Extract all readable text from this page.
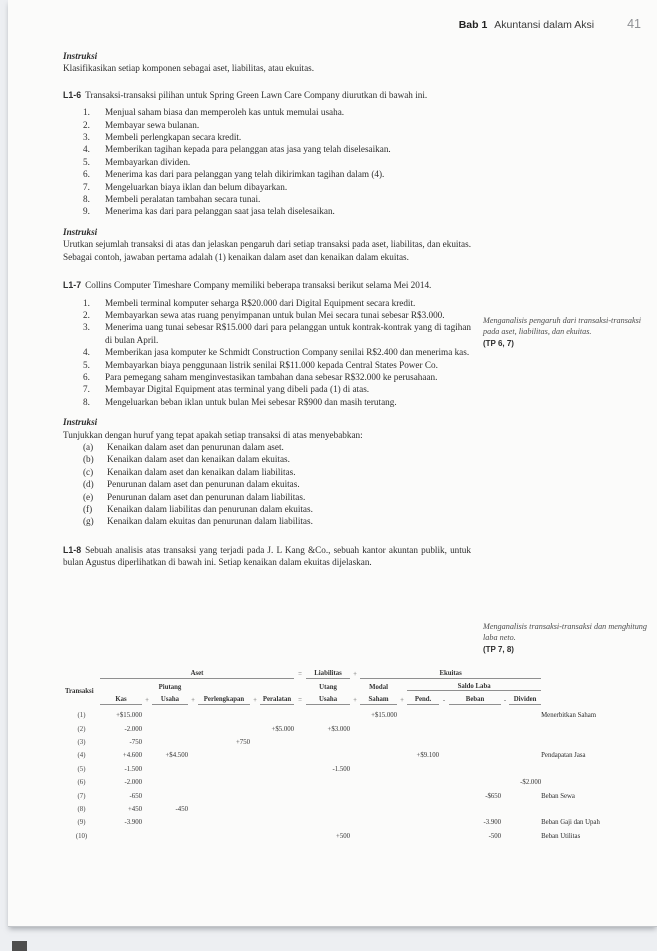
Bab 1 Akuntansi dalam Aksi	41
Instruksi
Klasifikasikan setiap komponen sebagai aset, liabilitas, atau ekuitas.
L1-6 Transaksi-transaksi pilihan untuk Spring Green Lawn Care Company diurutkan di bawah ini.
1.	Menjual saham biasa dan memperoleh kas untuk memulai usaha.
2.	Membayar sewa bulanan.
3.	Membeli perlengkapan secara kredit.
4.	Memberikan tagihan kepada para pelanggan atas jasa yang telah diselesaikan.
5.	Membayarkan dividen.
6.	Menerima kas dari para pelanggan yang telah dikirimkan tagihan dalam (4).
7.	Mengeluarkan biaya iklan dan belum dibayarkan.
8.	Membeli peralatan tambahan secara tunai.
9.	Menerima kas dari para pelanggan saat jasa telah diselesaikan.
Instruksi
Urutkan sejumlah transaksi di atas dan jelaskan pengaruh dari setiap transaksi pada aset, liabilitas, dan ekuitas. Sebagai contoh, jawaban pertama adalah (1) kenaikan dalam aset dan kenaikan dalam ekuitas.
L1-7 Collins Computer Timeshare Company memiliki beberapa transaksi berikut selama Mei 2014.
1.	Membeli terminal komputer seharga R$20.000 dari Digital Equipment secara kredit.
2.	Membayarkan sewa atas ruang penyimpanan untuk bulan Mei secara tunai sebesar R$3.000.
3.	Menerima uang tunai sebesar R$15.000 dari para pelanggan untuk kontrak-kontrak yang di tagihan di bulan April.
4.	Memberikan jasa komputer ke Schmidt Construction Company senilai R$2.400 dan menerima kas.
5.	Membayarkan biaya penggunaan listrik senilai R$11.000 kepada Central States Power Co.
6.	Para pemegang saham menginvestasikan tambahan dana sebesar R$32.000 ke perusahaan.
7.	Membayar Digital Equipment atas terminal yang dibeli pada (1) di atas.
8.	Mengeluarkan beban iklan untuk bulan Mei sebesar R$900 dan masih terutang.
Instruksi
Tunjukkan dengan huruf yang tepat apakah setiap transaksi di atas menyebabkan:
(a)	Kenaikan dalam aset dan penurunan dalam aset.
(b)	Kenaikan dalam aset dan kenaikan dalam ekuitas.
(c)	Kenaikan dalam aset dan kenaikan dalam liabilitas.
(d)	Penurunan dalam aset dan penurunan dalam ekuitas.
(e)	Penurunan dalam aset dan penurunan dalam liabilitas.
(f)	Kenaikan dalam liabilitas dan penurunan dalam ekuitas.
(g)	Kenaikan dalam ekuitas dan penurunan dalam liabilitas.
L1-8 Sebuah analisis atas transaksi yang terjadi pada J. L Kang &Co., sebuah kantor akuntan publik, untuk bulan Agustus diperlihatkan di bawah ini. Setiap kenaikan dalam ekuitas dijelaskan.
Menganalisis pengaruh dari transaksi-transaksi pada aset, liabilitas, dan ekuitas.
(TP 6, 7)
Menganalisis transaksi-transaksi dan menghitung laba neto.
(TP 7, 8)
	Aset							=	Liabilitas	+	Ekuitas							
Transaksi			Piutang						Utang		Modal		Saldo Laba					
	Kas	+	Usaha	+	Perlengkapan	+	Peralatan	=	Usaha	+	Saham	+	Pend.	-	Beban	-	Dividen	
(1)	+$15.000										+$15.000							Menerbitkan Saham
(2)	-2.000						+$5.000		+$3.000									
(3)	-750				+750													
(4)	+4.600		+$4.500										+$9.100					Pendapatan Jasa
(5)	-1.500								-1.500									
(6)	-2.000																-$2.000	
(7)	-650														-$650			Beban Sewa
(8)	+450		-450															
(9)	-3.900														-3.900			Beban Gaji dan Upah
(10)									+500						-500			Beban Utilitas
